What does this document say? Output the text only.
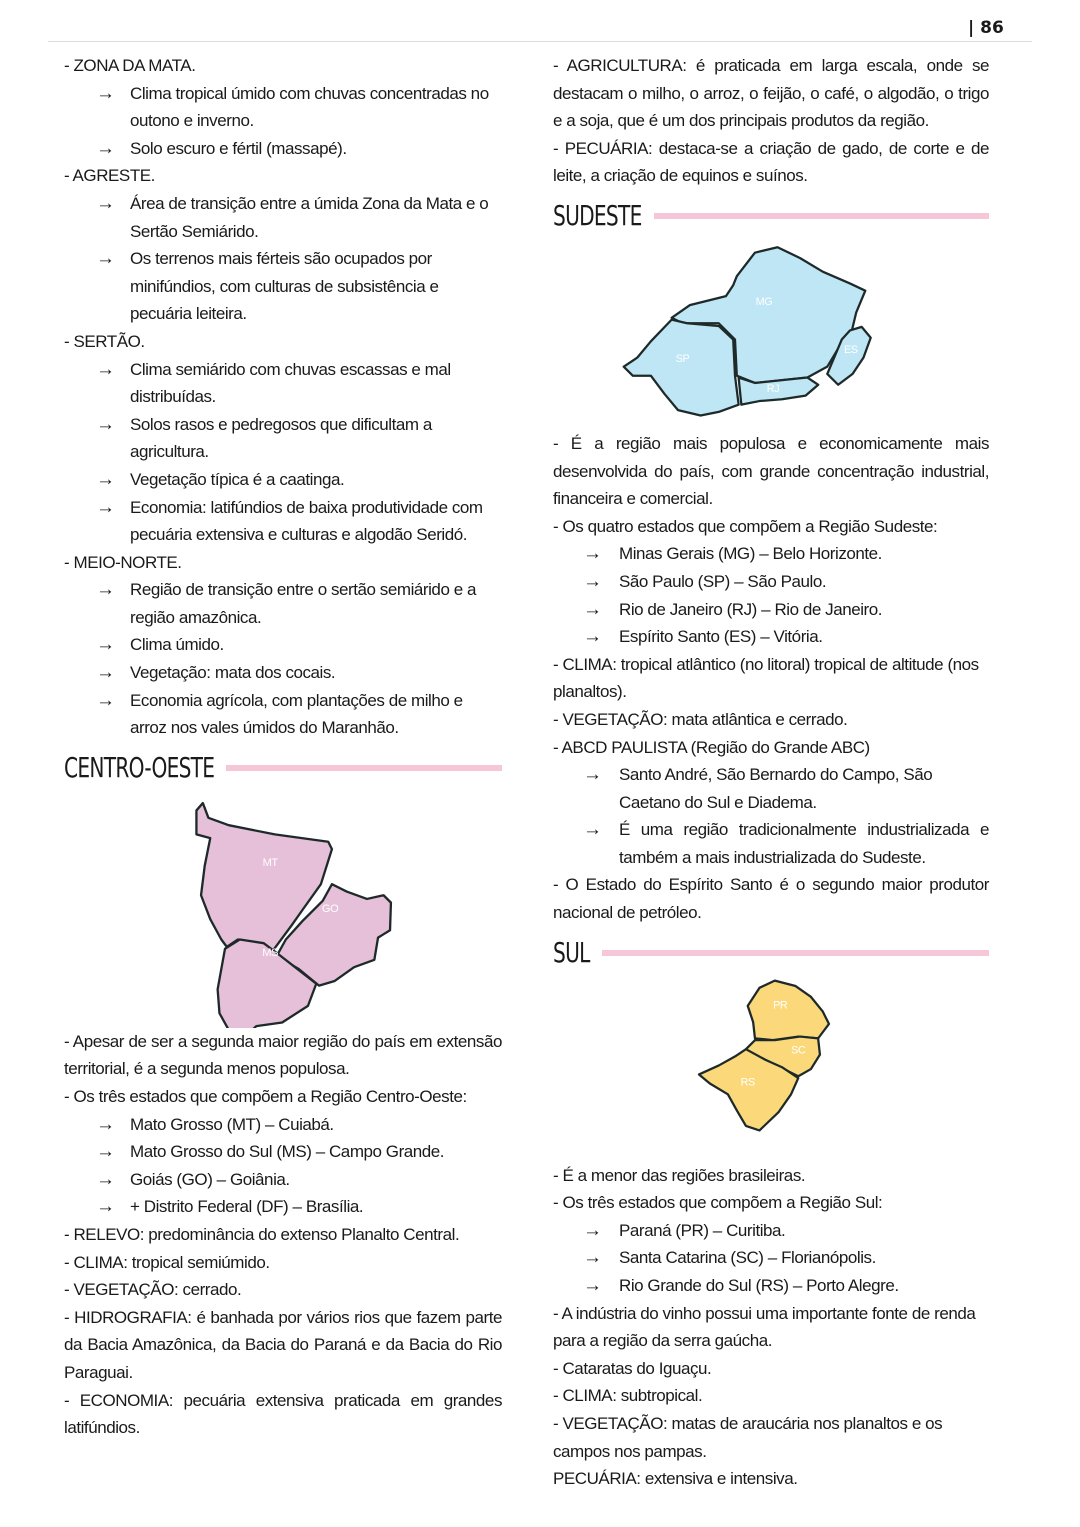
| 86
- ZONA DA MATA.
→ Clima tropical úmido com chuvas concentradas no outono e inverno.
→ Solo escuro e fértil (massapé).
- AGRESTE.
→ Área de transição entre a úmida Zona da Mata e o Sertão Semiárido.
→ Os terrenos mais férteis são ocupados por minifúndios, com culturas de subsistência e pecuária leiteira.
- SERTÃO.
→ Clima semiárido com chuvas escassas e mal distribuídas.
→ Solos rasos e pedregosos que dificultam a agricultura.
→ Vegetação típica é a caatinga.
→ Economia: latifúndios de baixa produtividade com pecuária extensiva e culturas e algodão Seridó.
- MEIO-NORTE.
→ Região de transição entre o sertão semiárido e a região amazônica.
→ Clima úmido.
→ Vegetação: mata dos cocais.
→ Economia agrícola, com plantações de milho e arroz nos vales úmidos do Maranhão.
CENTRO-OESTE
MT
GO
DF
MS
- Apesar de ser a segunda maior região do país em extensão territorial, é a segunda menos populosa.
- Os três estados que compõem a Região Centro-Oeste:
→ Mato Grosso (MT) – Cuiabá.
→ Mato Grosso do Sul (MS) – Campo Grande.
→ Goiás (GO) – Goiânia.
→ + Distrito Federal (DF) – Brasília.
- RELEVO: predominância do extenso Planalto Central.
- CLIMA: tropical semiúmido.
- VEGETAÇÃO: cerrado.
- HIDROGRAFIA: é banhada por vários rios que fazem parte da Bacia Amazônica, da Bacia do Paraná e da Bacia do Rio Paraguai.
- ECONOMIA: pecuária extensiva praticada em grandes latifúndios.
- AGRICULTURA: é praticada em larga escala, onde se destacam o milho, o arroz, o feijão, o café, o algodão, o trigo e a soja, que é um dos principais produtos da região.
- PECUÁRIA: destaca-se a criação de gado, de corte e de leite, a criação de equinos e suínos.
SUDESTE
MG
SP
RJ
ES
- É a região mais populosa e economicamente mais desenvolvida do país, com grande concentração industrial, financeira e comercial.
- Os quatro estados que compõem a Região Sudeste:
→ Minas Gerais (MG) – Belo Horizonte.
→ São Paulo (SP) – São Paulo.
→ Rio de Janeiro (RJ) – Rio de Janeiro.
→ Espírito Santo (ES) – Vitória.
- CLIMA: tropical atlântico (no litoral) tropical de altitude (nos planaltos).
- VEGETAÇÃO: mata atlântica e cerrado.
- ABCD PAULISTA (Região do Grande ABC)
→ Santo André, São Bernardo do Campo, São Caetano do Sul e Diadema.
→ É uma região tradicionalmente industrializada e também a mais industrializada do Sudeste.
- O Estado do Espírito Santo é o segundo maior produtor nacional de petróleo.
SUL
PR
SC
RS
- É a menor das regiões brasileiras.
- Os três estados que compõem a Região Sul:
→ Paraná (PR) – Curitiba.
→ Santa Catarina (SC) – Florianópolis.
→ Rio Grande do Sul (RS) – Porto Alegre.
- A indústria do vinho possui uma importante fonte de renda para a região da serra gaúcha.
- Cataratas do Iguaçu.
- CLIMA: subtropical.
- VEGETAÇÃO: matas de araucária nos planaltos e os campos nos pampas.
PECUÁRIA: extensiva e intensiva.
